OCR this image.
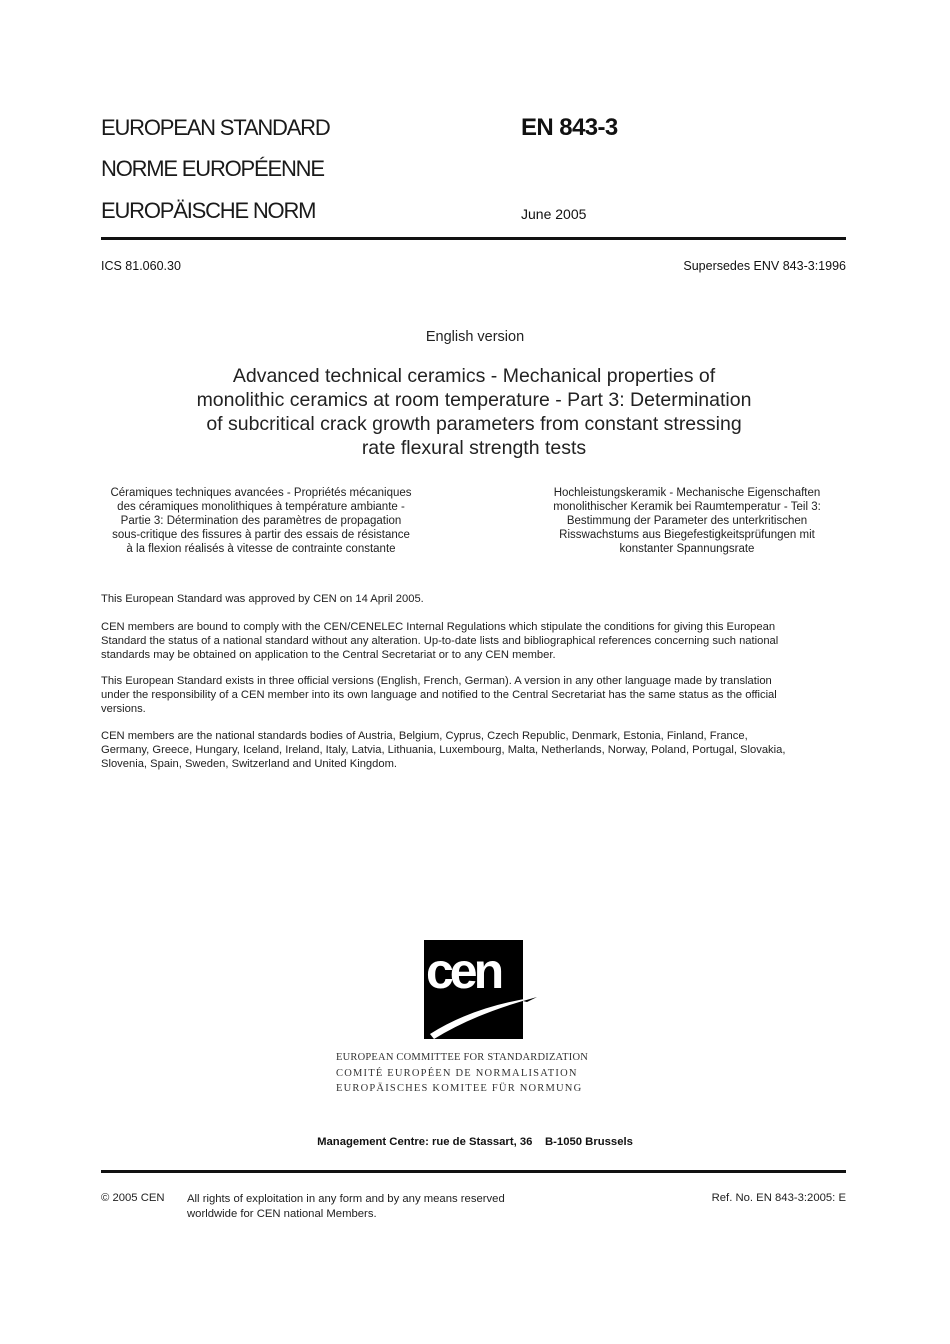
EUROPEAN STANDARD
NORME EUROPÉENNE
EUROPÄISCHE NORM
EN 843-3
June 2005
ICS 81.060.30	Supersedes ENV 843-3:1996
English version
Advanced technical ceramics - Mechanical properties of
monolithic ceramics at room temperature - Part 3: Determination
of subcritical crack growth parameters from constant stressing
rate flexural strength tests
Céramiques techniques avancées - Propriétés mécaniques
des céramiques monolithiques à température ambiante -
Partie 3: Détermination des paramètres de propagation
sous-critique des fissures à partir des essais de résistance
à la flexion réalisés à vitesse de contrainte constante
Hochleistungskeramik - Mechanische Eigenschaften
monolithischer Keramik bei Raumtemperatur - Teil 3:
Bestimmung der Parameter des unterkritischen
Risswachstums aus Biegefestigkeitsprüfungen mit
konstanter Spannungsrate
This European Standard was approved by CEN on 14 April 2005.
CEN members are bound to comply with the CEN/CENELEC Internal Regulations which stipulate the conditions for giving this European
Standard the status of a national standard without any alteration. Up-to-date lists and bibliographical references concerning such national
standards may be obtained on application to the Central Secretariat or to any CEN member.
This European Standard exists in three official versions (English, French, German). A version in any other language made by translation
under the responsibility of a CEN member into its own language and notified to the Central Secretariat has the same status as the official
versions.
CEN members are the national standards bodies of Austria, Belgium, Cyprus, Czech Republic, Denmark, Estonia, Finland, France,
Germany, Greece, Hungary, Iceland, Ireland, Italy, Latvia, Lithuania, Luxembourg, Malta, Netherlands, Norway, Poland, Portugal, Slovakia,
Slovenia, Spain, Sweden, Switzerland and United Kingdom.
cen
EUROPEAN COMMITTEE FOR STANDARDIZATION
COMITÉ EUROPÉEN DE NORMALISATION
EUROPÄISCHES KOMITEE FÜR NORMUNG
Management Centre: rue de Stassart, 36    B-1050 Brussels
© 2005 CEN All rights of exploitation in any form and by any means reserved
worldwide for CEN national Members.
Ref. No. EN 843-3:2005: E
